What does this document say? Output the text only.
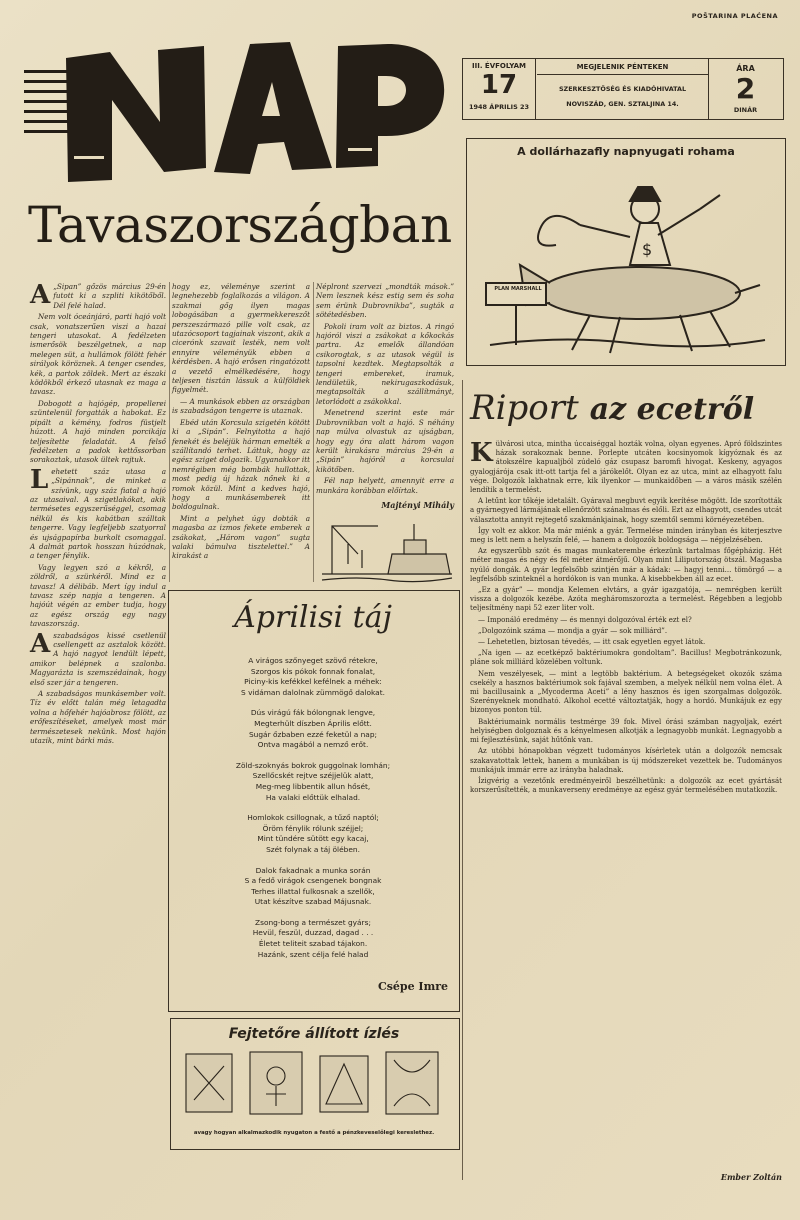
POŠTARINA PLAĆENA
III. ÉVFOLYAM
17
1948 ÁPRILIS 23
MEGJELENIK PÉNTEKEN
SZERKESZTŐSÉG ÉS KIADÓHIVATAL
NOVISZÁD, GEN. SZTALJINA 14.
ÁRA
2
DINÁR
A dollárhazafly napnyugati rohama
$
PLAN MARSHALL
Tavaszországban

A „Sipan” gőzös március 29-én futott ki a szpliti kikötőből. Dél felé halad.

Nem volt óceánjáró, parti hajó volt csak, vonatszerűen viszi a hazai tengeri utasokat. A fedélzeten ismerősök beszélgetnek, a nap melegen süt, a hullámok fölött fehér sirályok köröznek. A tenger csendes, kék, a partok zöldek. Mert az északi ködökből érkező utasnak ez maga a tavasz.

Dobogott a hajógép, propellerei szüntelenül forgatták a habokat. Ez pipált a kémény, fodros füstjelt húzott. A hajó minden porcikája teljesítette feladatát. A felső fedélzeten a padok kettőssorban sorakoztak, utasok ültek rajtuk.

Lehetett száz utasa a „Sipánnak”, de minket a szívünk, ugy száz fiatal a hajó az utasaival. A szigetlakókat, akik termésetes egyszerűséggel, csomag nélkül és kis kabátban szálltak tengerre. Vagy legfeljebb szatyorral és ujságpapírba burkolt csomaggal. A dalmát partok hosszan húzódnak, a tenger fénylik.

Vagy legyen szó a kékről, a zöldről, a szürkéről. Mind ez a tavasz! A délibáb. Mert így indul a tavasz szép napja a tengeren. A hajóút végén az ember tudja, hogy az egész ország egy nagy tavaszország.

Aszabadságos kissé csetlenül csellengett az asztalok között. A hajó nagyot lendült lépett, amikor belépnek a szalonba. Magyarázta is szemszédainak, hogy első szer jár a tengeren.

A szabadságos munkásember volt. Tíz év előtt talán még letagadta volna a hőfehér hajóabrosz fölött, az erőfeszítéseket, amelyek most már természetesek nekünk. Most hajón utazik, mint bárki más.

hogy ez, véleménye szerint a legnehezebb foglalkozás a világon. A szakmai gőg ilyen magas lobogásában a gyermekkereszőt perszeszármazó pille volt csak, az utazócsoport tagjainak viszont, akik a cicerónk szavait lesték, nem volt ennyire véleményük ebben a kérdésben. A hajó erősen ringatózott a vezető elmélkedésére, hogy teljesen tisztán lássuk a külföldiek figyelmét.

— A munkások ebben az országban is szabadságon tengerre is utaznak.

Ebéd után Korcsula szigetén kötött ki a „Sipán”. Felnyitotta a hajó fenekét és beléjük hárman emelték a szállítandó terhet. Láttuk, hogy az egész sziget dolgozik. Ugyanakkor itt nemrégiben még bombák hullottak, most pedig új házak nőnek ki a romok közül. Mint a kedves hajó, hogy a munkásemberek itt boldogulnak.

Mint a pelyhet úgy dobták a magasba az izmos fekete emberek a zsákokat, „Három vagon” sugta valaki bámulva tisztelettel.” A kirakást a

Néplront szervezi „mondták mások.” Nem lesznek kész estig sem és soha sem érünk Dubrovnikba”, sugták a sötétedésben.

Pokoli iram volt az biztos. A ringó hajóról viszi a zsákokat a kőkockás partra. Az emelők állandóan csikorogtak, s az utasok végül is tapsolni kezdtek. Megtapsolták a tengeri embereket, iramuk, lendületük, nekirugaszkodásuk, megtapsolták a szállítmányt, letorlódott a zsákokkal.

Menetrend szerint este már Dubrovnikban volt a hajó. S néhány nap múlva olvastuk az ujságban, hogy egy óra alatt három vagon került kirakásra március 29-én a „Sipán” hajóról a korcsulai kikötőben.

Fél nap helyett, amennyit erre a munkára korábban előírtak.

Majtényi Mihály
Áprilisi táj
A virágos szőnyeget szövő rétekre,
Szorgos kis pókok fonnak fonalat,
Piciny-kis kefékkel kefélnek a méhek:
S vidáman dalolnak zümmögő dalokat.
Dús virágú fák bólongnak lengve,
Megterhült díszben Április előtt.
Sugár őzbaben ezzé feketül a nap;
Ontva magából a nemző erőt.
Zöld-szoknyás bokrok guggolnak lomhán;
Szellőcskét rejtve széjjelük alatt,
Meg-meg libbentik allun hősét,
Ha valaki előttük elhalad.
Homlokok csillognak, a tűző naptól;
Öröm fénylik rólunk széjjel;
Mint tündére sütött egy kacaj,
Szét folynak a táj ölében.
Dalok fakadnak a munka során
S a fedő virágok csengenek bongnak
Terhes illattal fulkosnak a szellők,
Utat készítve szabad Májusnak.
Zsong-bong a természet gyárs;
Hevül, feszül, duzzad, dagad . . .
Életet teliteit szabad tájakon.
Hazánk, szent célja felé halad
Csépe Imre
Fejtetőre állított ízlés
avagy hogyan alkalmazkodik nyugaton a festő a pénzkeveselőlegi kereslethez.
Riport az ecetről

Külvárosi utca, mintha úccaiséggal hozták volna, olyan egyenes. Apró földszintes házak sorakoznak benne. Porlepte utcáten kocsinyomok kígyóznak és az átokszélre kapualjból zúdeló gáz csupasz baromfi hivogat. Keskeny, agyagos gyalogjárója csak itt-ott tartja fel a járókelőt. Olyan ez az utca, mint az elhagyott falu vége. Dolgozók lakhatnak erre, kik ilyenkor — munkaidőben — a város másik szélén lendítik a termelést.

A letűnt kor tőkéje idetalált. Gyáraval megbuvt egyik kerítése mögött. Ide szorították a gyárnegyed lármájának ellenőrzött szánalmas és előli. Ezt az elhagyott, csendes utcát választotta annyit rejtegető szakmánkjainak, hogy szemtől semmi körnéyezetében.

Így volt ez akkor. Ma már miénk a gyár. Termelése minden irányban és kiterjesztve meg is lett nem a helyszín felé, — hanem a dolgozók boldogsága — népjelzésében.

Az egyszerűbb szót és magas munkaterembe érkezünk tartalmas főgépházig. Hét méter magas és négy és fél méter átmérőjű. Olyan mint Liliputország ötszál. Magasba nyúló dongák. A gyár legfelsőbb szintjén már a kádak: — hagyj tenni... tömörgő — a legfelsőbb szinteknél a hordókon is van munka. A kisebbekben áll az ecet.

„Ez a gyár” — mondja Kelemen elvtárs, a gyár igazgatója, — nemrégben került vissza a dolgozók kezébe. Azóta megháromszorozta a termelést. Régebben a legjobb teljesítmény napi 52 ezer liter volt.

— Imponáló eredmény — és mennyi dolgozóval érték ezt el?

„Dolgozóink száma — mondja a gyár — sok milliárd”.

— Lehetetlen, biztosan tévedés, — itt csak egyetlen egyet látok.

„Na igen — az ecetképző baktériumokra gondoltam”. Bacillus! Megbotránkozunk, pláne sok milliárd közelében voltunk.

Nem veszélyesek, — mint a legtöbb baktérium. A betegségeket okozók száma csekély a hasznos baktériumok sok fajával szemben, a melyek nélkül nem volna élet. A mi bacillusaink a „Mycoderma Aceti” a lény hasznos és igen szorgalmas dolgozók. Szerényeknek mondható. Alkohol ecetté változtatják, hogy a hordó. Munkájuk ez egy bizonyos ponton túl.

Baktériumaink normális testmérge 39 fok. Mivel órási számban nagyoljak, ezért helyiségben dolgoznak és a kényelmesen alkotják a legnagyobb munkát. Legnagyobb a mi fejlesztésünk, saját hűtőnk van.

Az utóbbi hónapokban végzett tudományos kísérletek után a dolgozók nemcsak szakavatottak lettek, hanem a munkában is új módszereket vezettek be. Tudományos munkájuk immár erre az irányba haladnak.

Ízigvérig a vezetőnk eredményeiről beszélhetünk: a dolgozók az ecet gyártását korszerűsítették, a munkaverseny eredménye az egész gyár termelésében mutatkozik.

Ember Zoltán
